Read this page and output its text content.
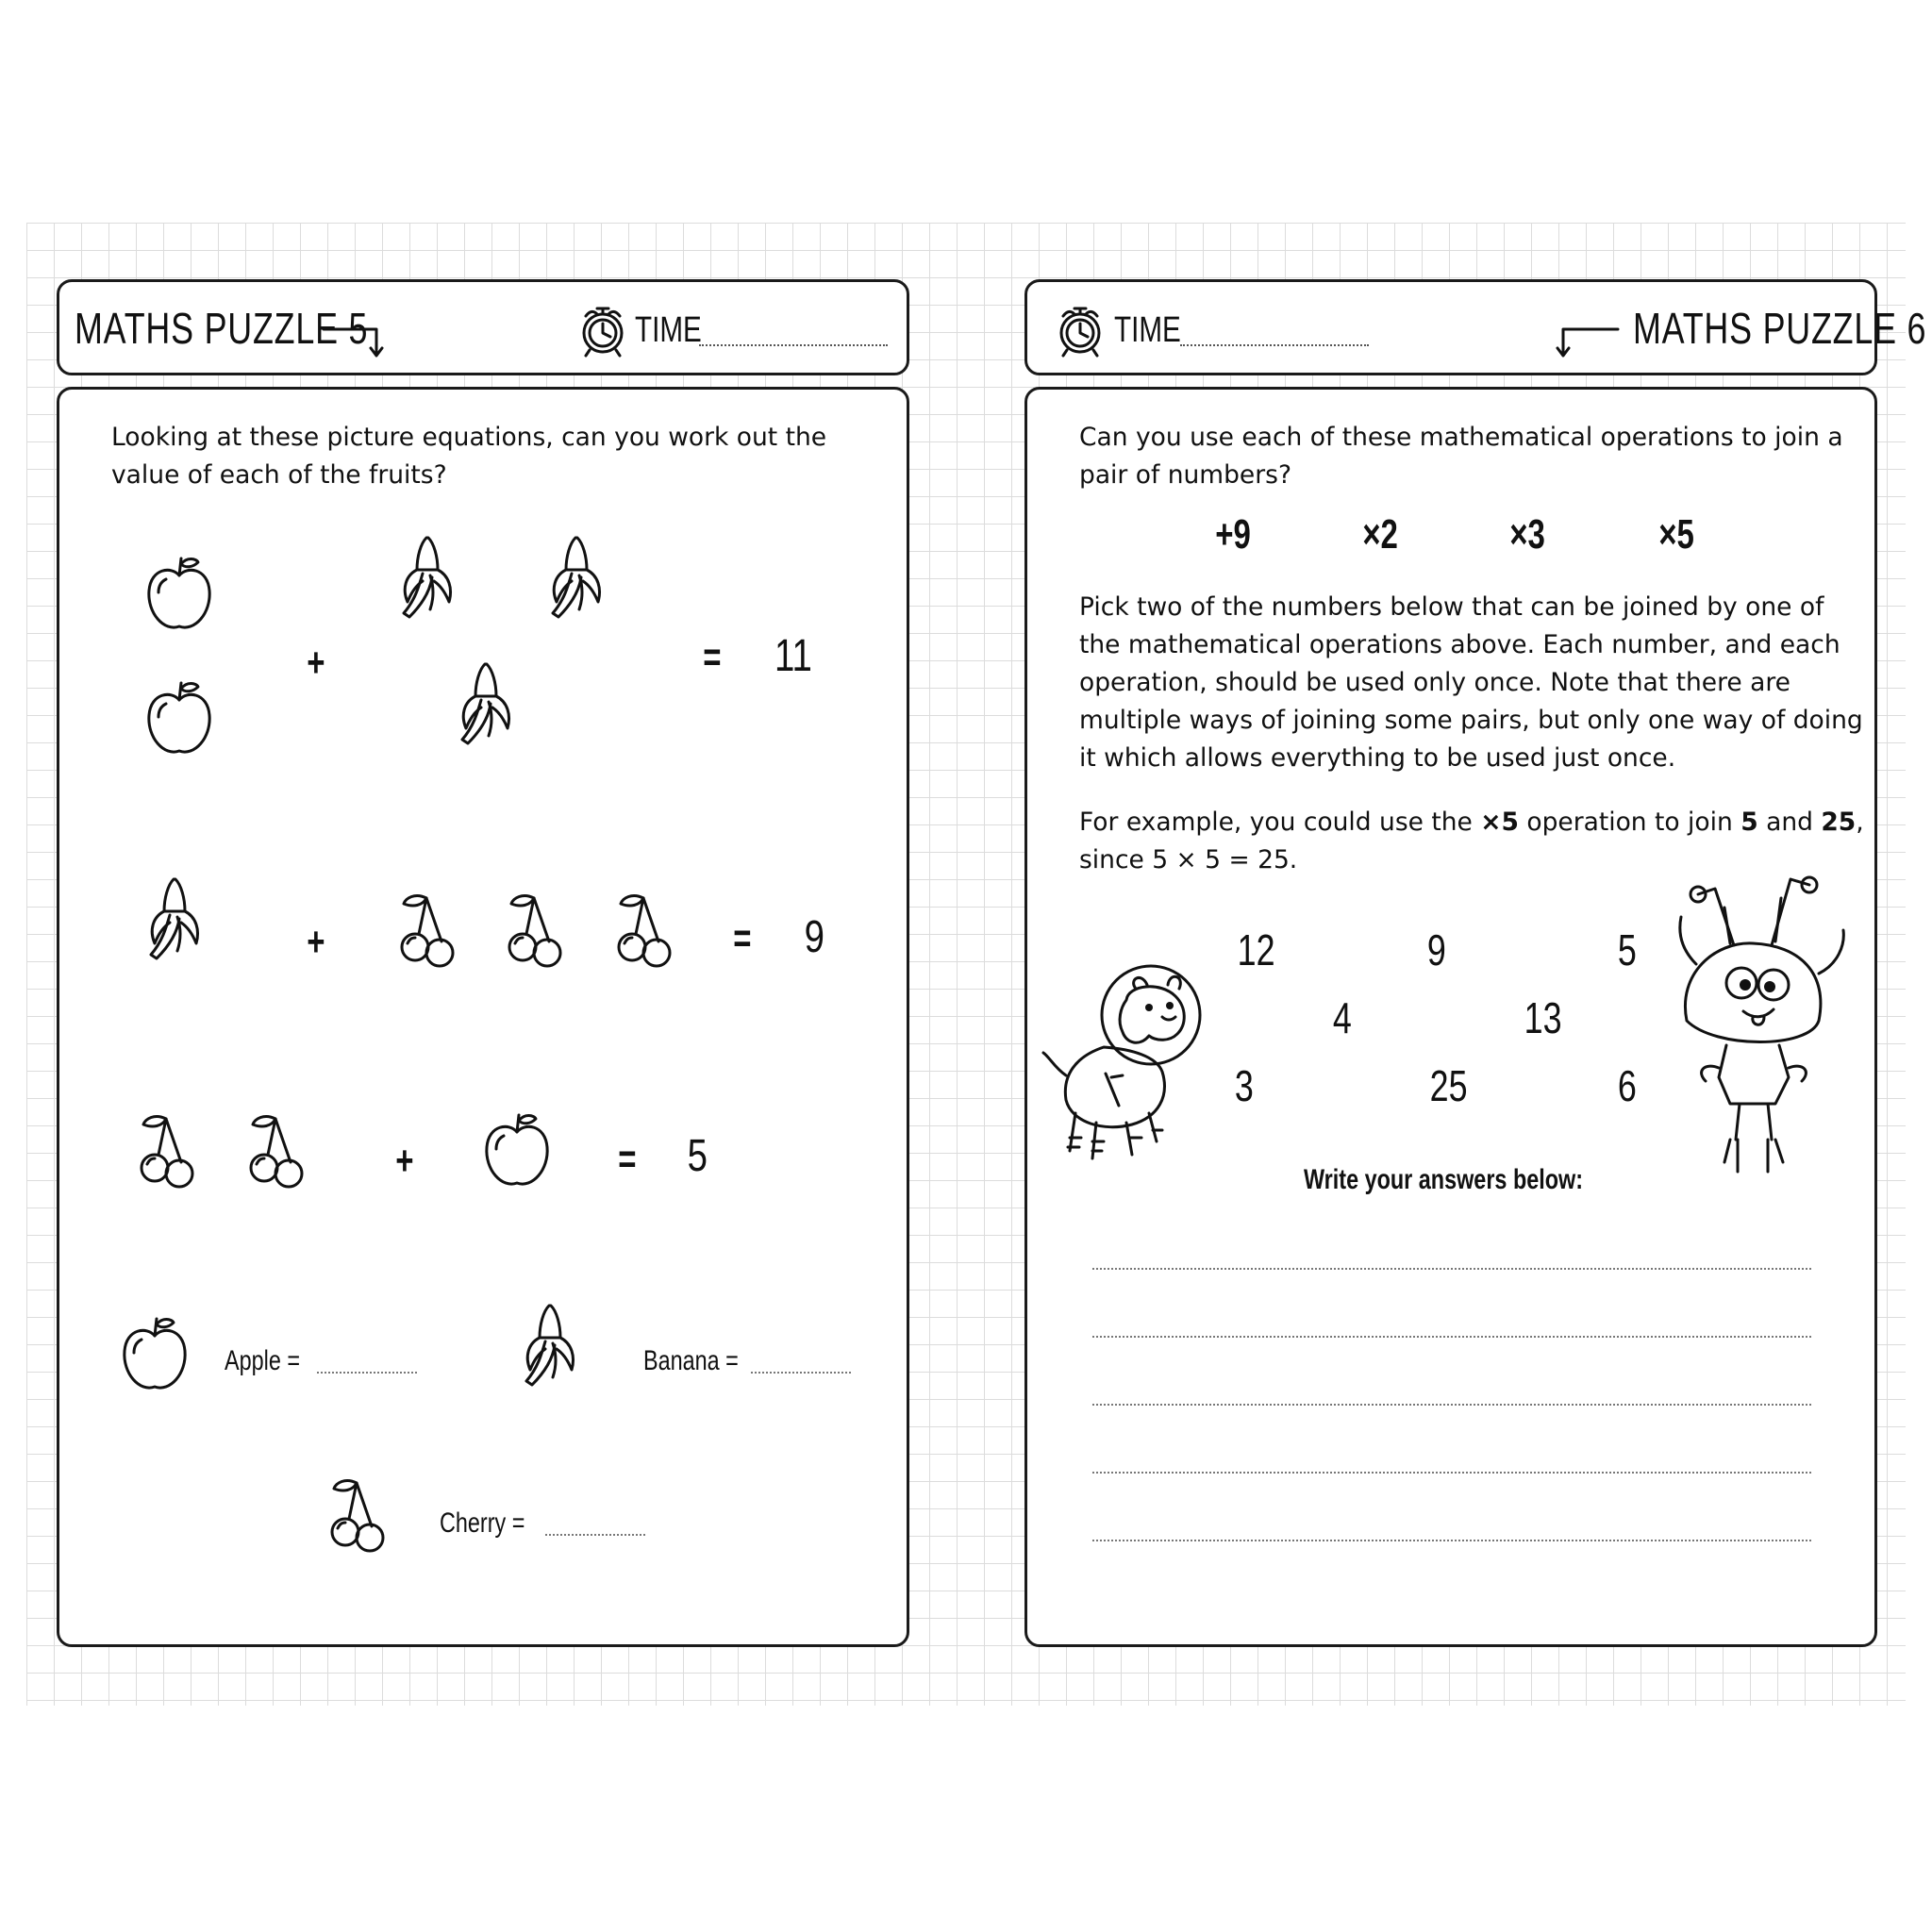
MATHS PUZZLE 5	TIME

Looking at these picture equations, can you work out the
value of each of the fruits?

+	= 11
+	= 9
+	= 5
Apple =	Banana =
Cherry =
TIME	MATHS PUZZLE 6

Can you use each of these mathematical operations to join a
pair of numbers?

+9	×2	×3	×5

Pick two of the numbers below that can be joined by one of
the mathematical operations above. Each number, and each
operation, should be used only once. Note that there are
multiple ways of joining some pairs, but only one way of doing
it which allows everything to be used just once.

For example, you could use the ×5 operation to join 5 and 25,
since 5 × 5 = 25.

12	9	5
4	13
3	25	6
Write your answers below:
